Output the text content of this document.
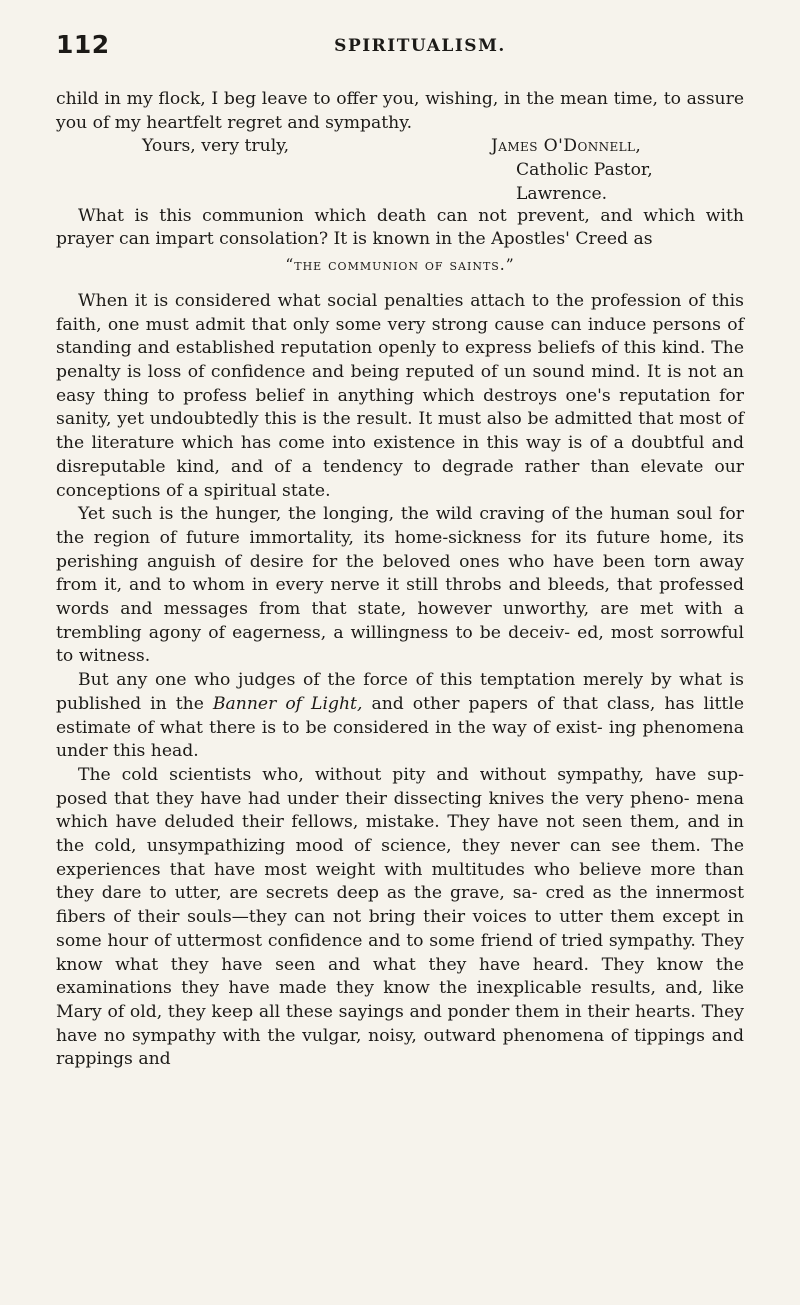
112	SPIRITUALISM.

child in my flock, I beg leave to offer you, wishing, in the mean time, to assure you of my heartfelt regret and sympathy.

Yours, very truly,	James O'Donnell,
Catholic Pastor, Lawrence.

What is this communion which death can not prevent, and which with prayer can impart consolation? It is known in the Apostles' Creed as

“the communion of saints.”

When it is considered what social penalties attach to the profession of this faith, one must admit that only some very strong cause can induce persons of standing and established reputation openly to express beliefs of this kind. The penalty is loss of confidence and being reputed of un sound mind. It is not an easy thing to profess belief in anything which destroys one's reputation for sanity, yet undoubtedly this is the result. It must also be admitted that most of the literature which has come into existence in this way is of a doubtful and disreputable kind, and of a tendency to degrade rather than elevate our conceptions of a spiritual state.

Yet such is the hunger, the longing, the wild craving of the human soul for the region of future immortality, its home-sickness for its future home, its perishing anguish of desire for the beloved ones who have been torn away from it, and to whom in every nerve it still throbs and bleeds, that professed words and messages from that state, however unworthy, are met with a trembling agony of eagerness, a willingness to be deceiv- ed, most sorrowful to witness.

But any one who judges of the force of this temptation merely by what is published in the Banner of Light, and other papers of that class, has little estimate of what there is to be considered in the way of exist- ing phenomena under this head.

The cold scientists who, without pity and without sympathy, have sup- posed that they have had under their dissecting knives the very pheno- mena which have deluded their fellows, mistake. They have not seen them, and in the cold, unsympathizing mood of science, they never can see them. The experiences that have most weight with multitudes who believe more than they dare to utter, are secrets deep as the grave, sa- cred as the innermost fibers of their souls—they can not bring their voices to utter them except in some hour of uttermost confidence and to some friend of tried sympathy. They know what they have seen and what they have heard. They know the examinations they have made they know the inexplicable results, and, like Mary of old, they keep all these sayings and ponder them in their hearts. They have no sympathy with the vulgar, noisy, outward phenomena of tippings and rappings and
